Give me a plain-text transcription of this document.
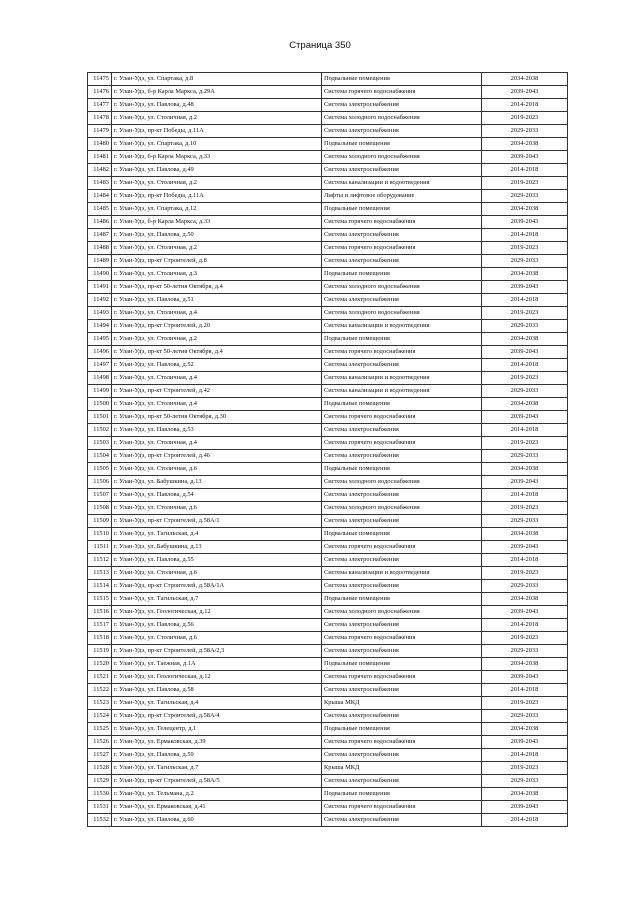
Страница 350
11475	г. Улан-Удэ, ул. Спартака, д.8	Подвальные помещения	2034-2038
11476	г. Улан-Удэ, б-р Карла Маркса, д.29А	Система горячего водоснабжения	2039-2043
11477	г. Улан-Удэ, ул. Павлова, д.48	Система электроснабжения	2014-2018
11478	г. Улан-Удэ, ул. Столичная, д.2	Система холодного водоснабжения	2019-2023
11479	г. Улан-Удэ, пр-кт Победы, д.11А	Система электроснабжения	2029-2033
11480	г. Улан-Удэ, ул. Спартака, д.10	Подвальные помещения	2034-2038
11481	г. Улан-Удэ, б-р Карла Маркса, д.33	Система холодного водоснабжения	2039-2043
11482	г. Улан-Удэ, ул. Павлова, д.49	Система электроснабжения	2014-2018
11483	г. Улан-Удэ, ул. Столичная, д.2	Система канализации и водоотведения	2019-2023
11484	г. Улан-Удэ, пр-кт Победы, д.11А	Лифты и лифтовое оборудование	2029-2033
11485	г. Улан-Удэ, ул. Спартака, д.12	Подвальные помещения	2034-2038
11486	г. Улан-Удэ, б-р Карла Маркса, д.33	Система горячего водоснабжения	2039-2043
11487	г. Улан-Удэ, ул. Павлова, д.50	Система электроснабжения	2014-2018
11488	г. Улан-Удэ, ул. Столичная, д.2	Система горячего водоснабжения	2019-2023
11489	г. Улан-Удэ, пр-кт Строителей, д.8	Система электроснабжения	2029-2033
11490	г. Улан-Удэ, ул. Столичная, д.3	Подвальные помещения	2034-2038
11491	г. Улан-Удэ, пр-кт 50-летия Октября, д.4	Система холодного водоснабжения	2039-2043
11492	г. Улан-Удэ, ул. Павлова, д.51	Система электроснабжения	2014-2018
11493	г. Улан-Удэ, ул. Столичная, д.4	Система холодного водоснабжения	2019-2023
11494	г. Улан-Удэ, пр-кт Строителей, д.20	Система канализации и водоотведения	2029-2033
11495	г. Улан-Удэ, ул. Столичная, д.2	Подвальные помещения	2034-2038
11496	г. Улан-Удэ, пр-кт 50-летия Октября, д.4	Система горячего водоснабжения	2039-2043
11497	г. Улан-Удэ, ул. Павлова, д.52	Система электроснабжения	2014-2018
11498	г. Улан-Удэ, ул. Столичная, д.4	Система канализации и водоотведения	2019-2023
11499	г. Улан-Удэ, пр-кт Строителей, д.42	Система канализации и водоотведения	2029-2033
11500	г. Улан-Удэ, ул. Столичная, д.4	Подвальные помещения	2034-2038
11501	г. Улан-Удэ, пр-кт 50-летия Октября, д.30	Система горячего водоснабжения	2039-2043
11502	г. Улан-Удэ, ул. Павлова, д.53	Система электроснабжения	2014-2018
11503	г. Улан-Удэ, ул. Столичная, д.4	Система горячего водоснабжения	2019-2023
11504	г. Улан-Удэ, пр-кт Строителей, д.46	Система электроснабжения	2029-2033
11505	г. Улан-Удэ, ул. Столичная, д.6	Подвальные помещения	2034-2038
11506	г. Улан-Удэ, ул. Бабушкина, д.13	Система холодного водоснабжения	2039-2043
11507	г. Улан-Удэ, ул. Павлова, д.54	Система электроснабжения	2014-2018
11508	г. Улан-Удэ, ул. Столичная, д.6	Система холодного водоснабжения	2019-2023
11509	г. Улан-Удэ, пр-кт Строителей, д.58А/1	Система электроснабжения	2029-2033
11510	г. Улан-Удэ, ул. Тагильская, д.4	Подвальные помещения	2034-2038
11511	г. Улан-Удэ, ул. Бабушкина, д.13	Система горячего водоснабжения	2039-2043
11512	г. Улан-Удэ, ул. Павлова, д.55	Система электроснабжения	2014-2018
11513	г. Улан-Удэ, ул. Столичная, д.6	Система канализации и водоотведения	2019-2023
11514	г. Улан-Удэ, пр-кт Строителей, д.58А/1А	Система электроснабжения	2029-2033
11515	г. Улан-Удэ, ул. Тагильская, д.7	Подвальные помещения	2034-2038
11516	г. Улан-Удэ, ул. Геологическая, д.12	Система холодного водоснабжения	2039-2043
11517	г. Улан-Удэ, ул. Павлова, д.56	Система электроснабжения	2014-2018
11518	г. Улан-Удэ, ул. Столичная, д.6	Система горячего водоснабжения	2019-2023
11519	г. Улан-Удэ, пр-кт Строителей, д.58А/2,3	Система электроснабжения	2029-2033
11520	г. Улан-Удэ, ул. Таежная, д.1А	Подвальные помещения	2034-2038
11521	г. Улан-Удэ, ул. Геологическая, д.12	Система горячего водоснабжения	2039-2043
11522	г. Улан-Удэ, ул. Павлова, д.58	Система электроснабжения	2014-2018
11523	г. Улан-Удэ, ул. Тагильская, д.4	Крыша МКД	2019-2023
11524	г. Улан-Удэ, пр-кт Строителей, д.58А/4	Система электроснабжения	2029-2033
11525	г. Улан-Удэ, ул. Телецентр, д.1	Подвальные помещения	2034-2038
11526	г. Улан-Удэ, ул. Ермаковская, д.39	Система горячего водоснабжения	2039-2043
11527	г. Улан-Удэ, ул. Павлова, д.59	Система электроснабжения	2014-2018
11528	г. Улан-Удэ, ул. Тагильская, д.7	Крыша МКД	2019-2023
11529	г. Улан-Удэ, пр-кт Строителей, д.58А/5	Система электроснабжения	2029-2033
11530	г. Улан-Удэ, ул. Тельмана, д.2	Подвальные помещения	2034-2038
11531	г. Улан-Удэ, ул. Ермаковская, д.41	Система горячего водоснабжения	2039-2043
11532	г. Улан-Удэ, ул. Павлова, д.60	Система электроснабжения	2014-2018
